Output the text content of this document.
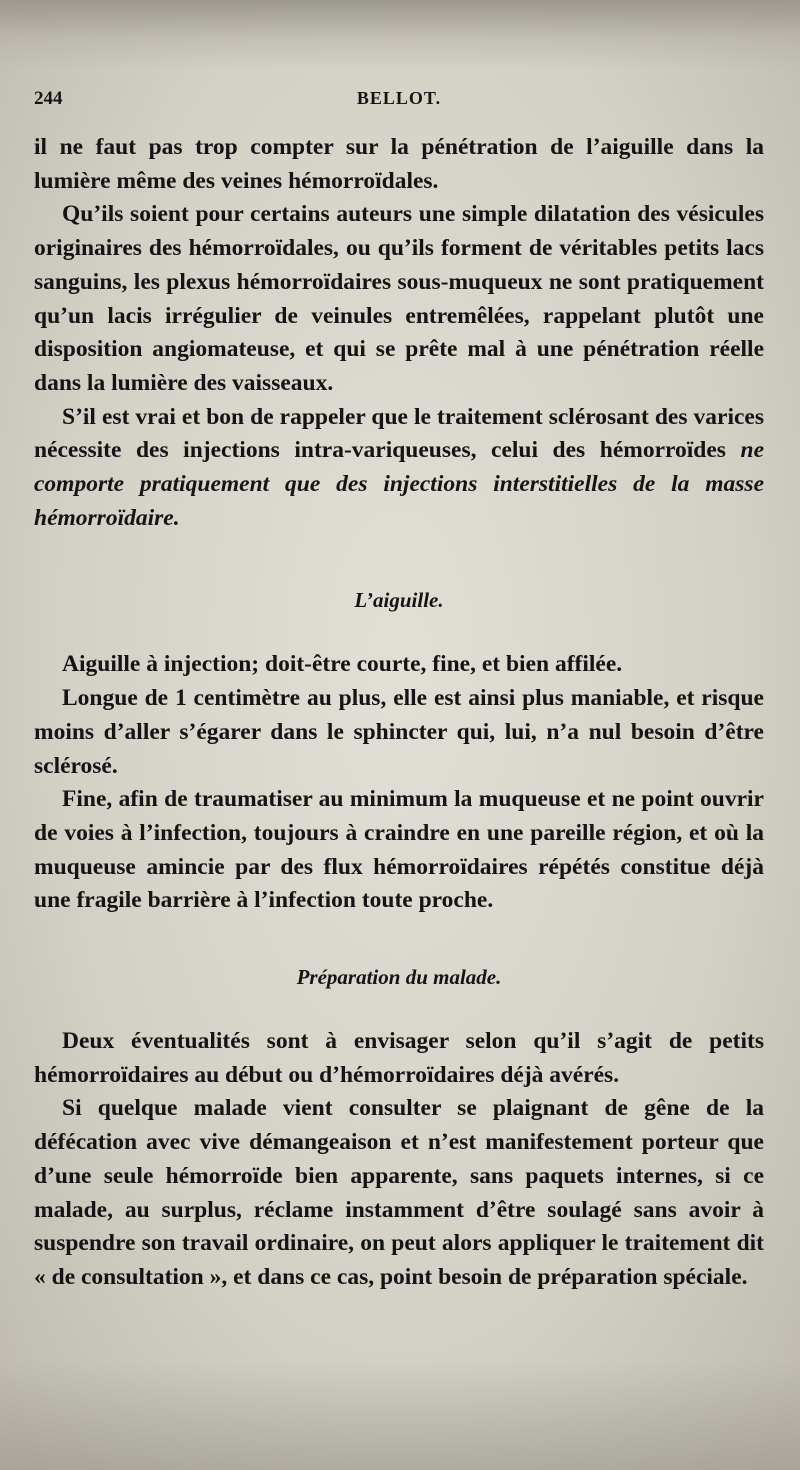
244	BELLOT.

il ne faut pas trop compter sur la pénétration de l’aiguille dans la lumière même des veines hémorroïdales.

Qu’ils soient pour certains auteurs une simple dilatation des vésicules originaires des hémorroïdales, ou qu’ils forment de véritables petits lacs sanguins, les plexus hémorroïdaires sous-muqueux ne sont pratiquement qu’un lacis irrégulier de veinules entremêlées, rappelant plutôt une disposition angiomateuse, et qui se prête mal à une pénétration réelle dans la lumière des vaisseaux.

S’il est vrai et bon de rappeler que le traitement sclérosant des varices nécessite des injections intra-variqueuses, celui des hémorroïdes ne comporte pratiquement que des injections interstitielles de la masse hémorroïdaire.

L’aiguille.

Aiguille à injection; doit-être courte, fine, et bien affilée.

Longue de 1 centimètre au plus, elle est ainsi plus maniable, et risque moins d’aller s’égarer dans le sphincter qui, lui, n’a nul besoin d’être sclérosé.

Fine, afin de traumatiser au minimum la muqueuse et ne point ouvrir de voies à l’infection, toujours à craindre en une pareille région, et où la muqueuse amincie par des flux hémorroïdaires répétés constitue déjà une fragile barrière à l’infection toute proche.

Préparation du malade.

Deux éventualités sont à envisager selon qu’il s’agit de petits hémorroïdaires au début ou d’hémorroïdaires déjà avérés.

Si quelque malade vient consulter se plaignant de gêne de la défécation avec vive démangeaison et n’est manifestement porteur que d’une seule hémorroïde bien apparente, sans paquets internes, si ce malade, au surplus, réclame instamment d’être soulagé sans avoir à suspendre son travail ordinaire, on peut alors appliquer le traitement dit « de consultation », et dans ce cas, point besoin de préparation spéciale.
